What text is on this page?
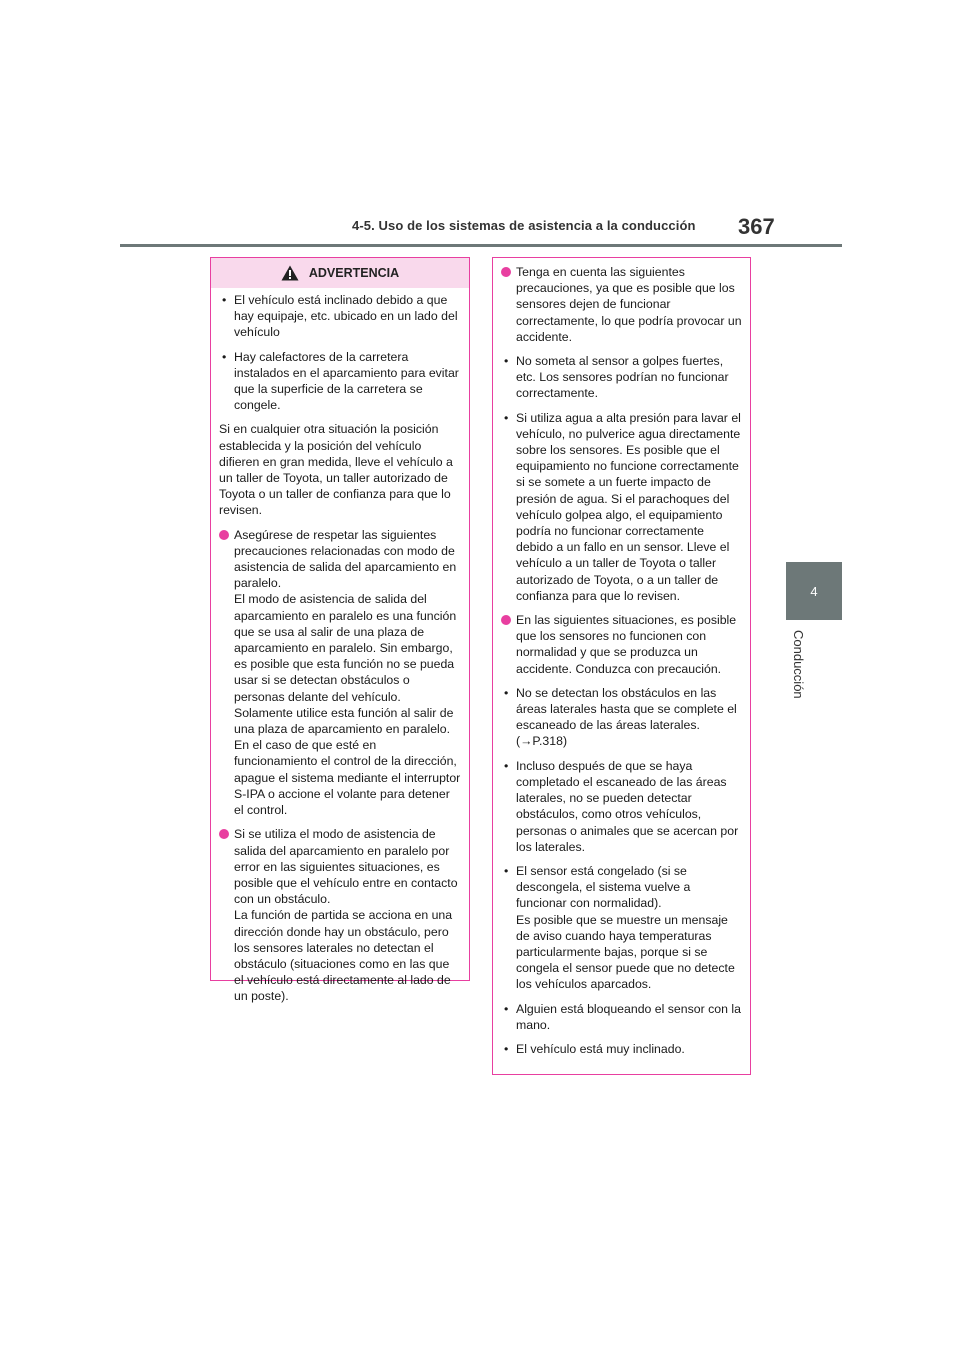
4-5. Uso de los sistemas de asistencia a la conducción 367
4
Conducción
ADVERTENCIA
• El vehículo está inclinado debido a que hay equipaje, etc. ubicado en un lado del vehículo
• Hay calefactores de la carretera instalados en el aparcamiento para evitar que la superficie de la carretera se congele.
Si en cualquier otra situación la posición establecida y la posición del vehículo difieren en gran medida, lleve el vehículo a un taller de Toyota, un taller autorizado de Toyota o un taller de confianza para que lo revisen.
Asegúrese de respetar las siguientes precauciones relacionadas con modo de asistencia de salida del aparcamiento en paralelo.
El modo de asistencia de salida del aparcamiento en paralelo es una función que se usa al salir de una plaza de aparcamiento en paralelo. Sin embargo, es posible que esta función no se pueda usar si se detectan obstáculos o personas delante del vehículo. Solamente utilice esta función al salir de una plaza de aparcamiento en paralelo. En el caso de que esté en funcionamiento el control de la dirección, apague el sistema mediante el interruptor S-IPA o accione el volante para detener el control.
Si se utiliza el modo de asistencia de salida del aparcamiento en paralelo por error en las siguientes situaciones, es posible que el vehículo entre en contacto con un obstáculo.
La función de partida se acciona en una dirección donde hay un obstáculo, pero los sensores laterales no detectan el obstáculo (situaciones como en las que el vehículo está directamente al lado de un poste).
Tenga en cuenta las siguientes precauciones, ya que es posible que los sensores dejen de funcionar correctamente, lo que podría provocar un accidente.
• No someta al sensor a golpes fuertes, etc. Los sensores podrían no funcionar correctamente.
• Si utiliza agua a alta presión para lavar el vehículo, no pulverice agua directamente sobre los sensores. Es posible que el equipamiento no funcione correctamente si se somete a un fuerte impacto de presión de agua. Si el parachoques del vehículo golpea algo, el equipamiento podría no funcionar correctamente debido a un fallo en un sensor. Lleve el vehículo a un taller de Toyota o taller autorizado de Toyota, o a un taller de confianza para que lo revisen.
En las siguientes situaciones, es posible que los sensores no funcionen con normalidad y que se produzca un accidente. Conduzca con precaución.
• No se detectan los obstáculos en las áreas laterales hasta que se complete el escaneado de las áreas laterales.
(→P.318)
• Incluso después de que se haya completado el escaneado de las áreas laterales, no se pueden detectar obstáculos, como otros vehículos, personas o animales que se acercan por los laterales.
• El sensor está congelado (si se descongela, el sistema vuelve a funcionar con normalidad).
Es posible que se muestre un mensaje de aviso cuando haya temperaturas particularmente bajas, porque si se congela el sensor puede que no detecte los vehículos aparcados.
• Alguien está bloqueando el sensor con la mano.
• El vehículo está muy inclinado.
